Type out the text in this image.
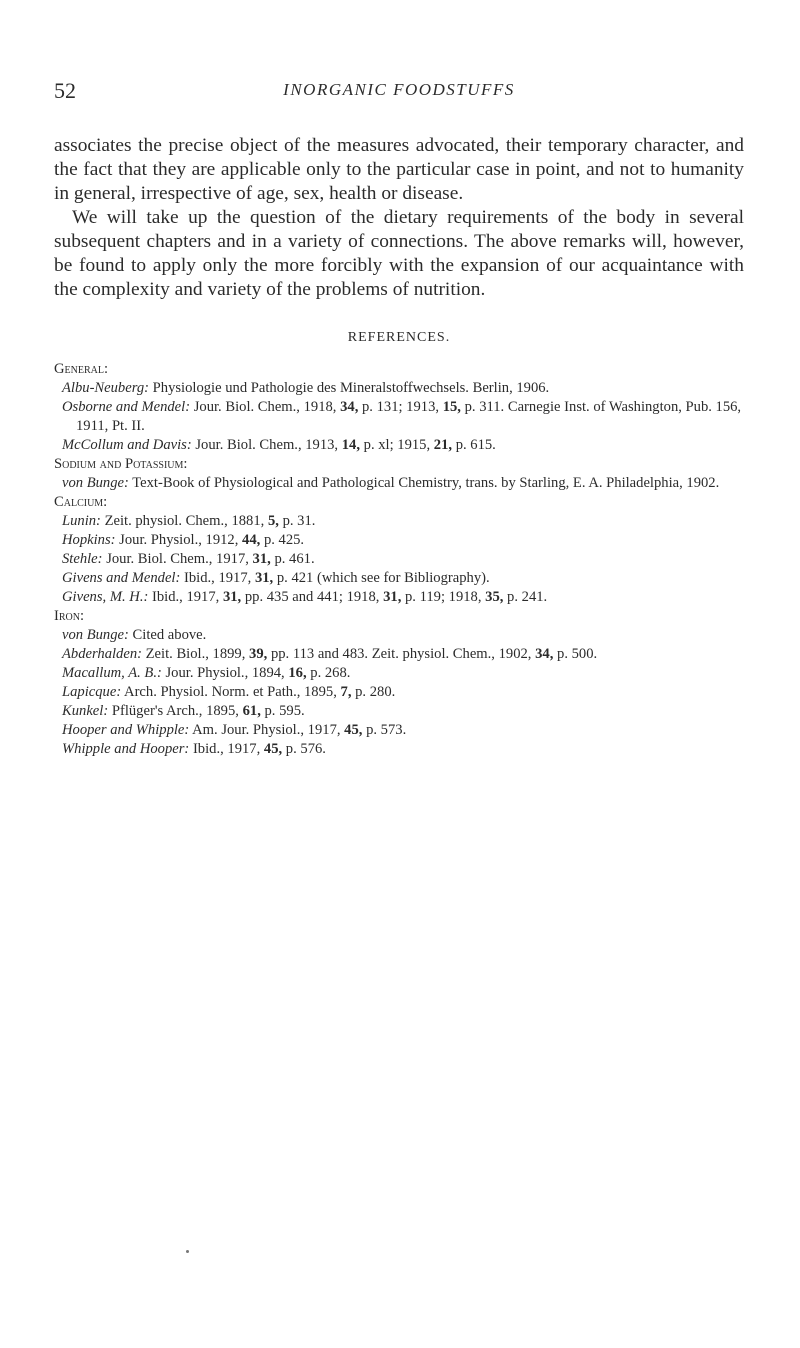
52	INORGANIC FOODSTUFFS

associates the precise object of the measures advocated, their temporary character, and the fact that they are applicable only to the particular case in point, and not to humanity in general, irrespective of age, sex, health or disease.

We will take up the question of the dietary requirements of the body in several subsequent chapters and in a variety of connections. The above remarks will, however, be found to apply only the more forcibly with the expansion of our acquaintance with the complexity and variety of the problems of nutrition.

REFERENCES.
General:

Albu-Neuberg: Physiologie und Pathologie des Mineralstoffwechsels. Berlin, 1906.

Osborne and Mendel: Jour. Biol. Chem., 1918, 34, p. 131; 1913, 15, p. 311. Carnegie Inst. of Washington, Pub. 156, 1911, Pt. II.

McCollum and Davis: Jour. Biol. Chem., 1913, 14, p. xl; 1915, 21, p. 615.

Sodium and Potassium:

von Bunge: Text-Book of Physiological and Pathological Chemistry, trans. by Starling, E. A. Philadelphia, 1902.

Calcium:

Lunin: Zeit. physiol. Chem., 1881, 5, p. 31.

Hopkins: Jour. Physiol., 1912, 44, p. 425.

Stehle: Jour. Biol. Chem., 1917, 31, p. 461.

Givens and Mendel: Ibid., 1917, 31, p. 421 (which see for Bibliography).

Givens, M. H.: Ibid., 1917, 31, pp. 435 and 441; 1918, 31, p. 119; 1918, 35, p. 241.

Iron:

von Bunge: Cited above.

Abderhalden: Zeit. Biol., 1899, 39, pp. 113 and 483. Zeit. physiol. Chem., 1902, 34, p. 500.

Macallum, A. B.: Jour. Physiol., 1894, 16, p. 268.

Lapicque: Arch. Physiol. Norm. et Path., 1895, 7, p. 280.

Kunkel: Pflüger's Arch., 1895, 61, p. 595.

Hooper and Whipple: Am. Jour. Physiol., 1917, 45, p. 573.

Whipple and Hooper: Ibid., 1917, 45, p. 576.
